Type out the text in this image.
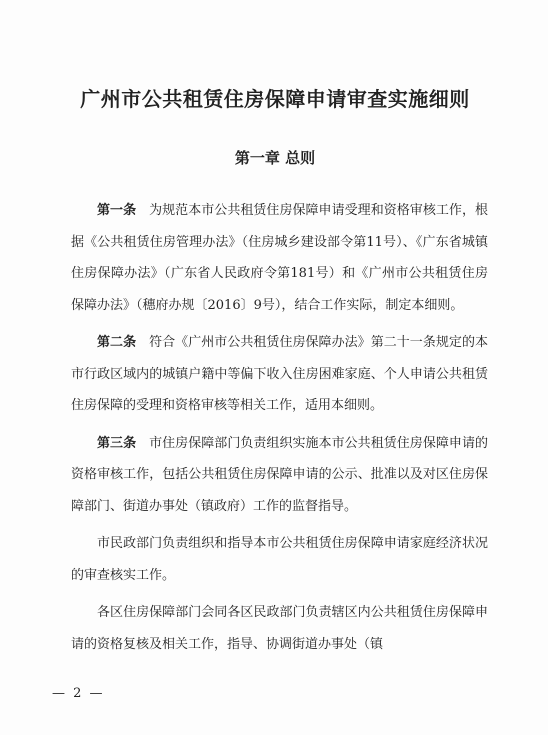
广州市公共租赁住房保障申请审查实施细则
第一章 总则

第一条 为规范本市公共租赁住房保障申请受理和资格审核工作，根据《公共租赁住房管理办法》（住房城乡建设部令第11号）、《广东省城镇住房保障办法》（广东省人民政府令第181号）和《广州市公共租赁住房保障办法》（穗府办规〔2016〕9号），结合工作实际，制定本细则。

第二条 符合《广州市公共租赁住房保障办法》第二十一条规定的本市行政区域内的城镇户籍中等偏下收入住房困难家庭、个人申请公共租赁住房保障的受理和资格审核等相关工作，适用本细则。

第三条 市住房保障部门负责组织实施本市公共租赁住房保障申请的资格审核工作，包括公共租赁住房保障申请的公示、批准以及对区住房保障部门、街道办事处（镇政府）工作的监督指导。

市民政部门负责组织和指导本市公共租赁住房保障申请家庭经济状况的审查核实工作。

各区住房保障部门会同各区民政部门负责辖区内公共租赁住房保障申请的资格复核及相关工作，指导、协调街道办事处（镇

— 2 —
